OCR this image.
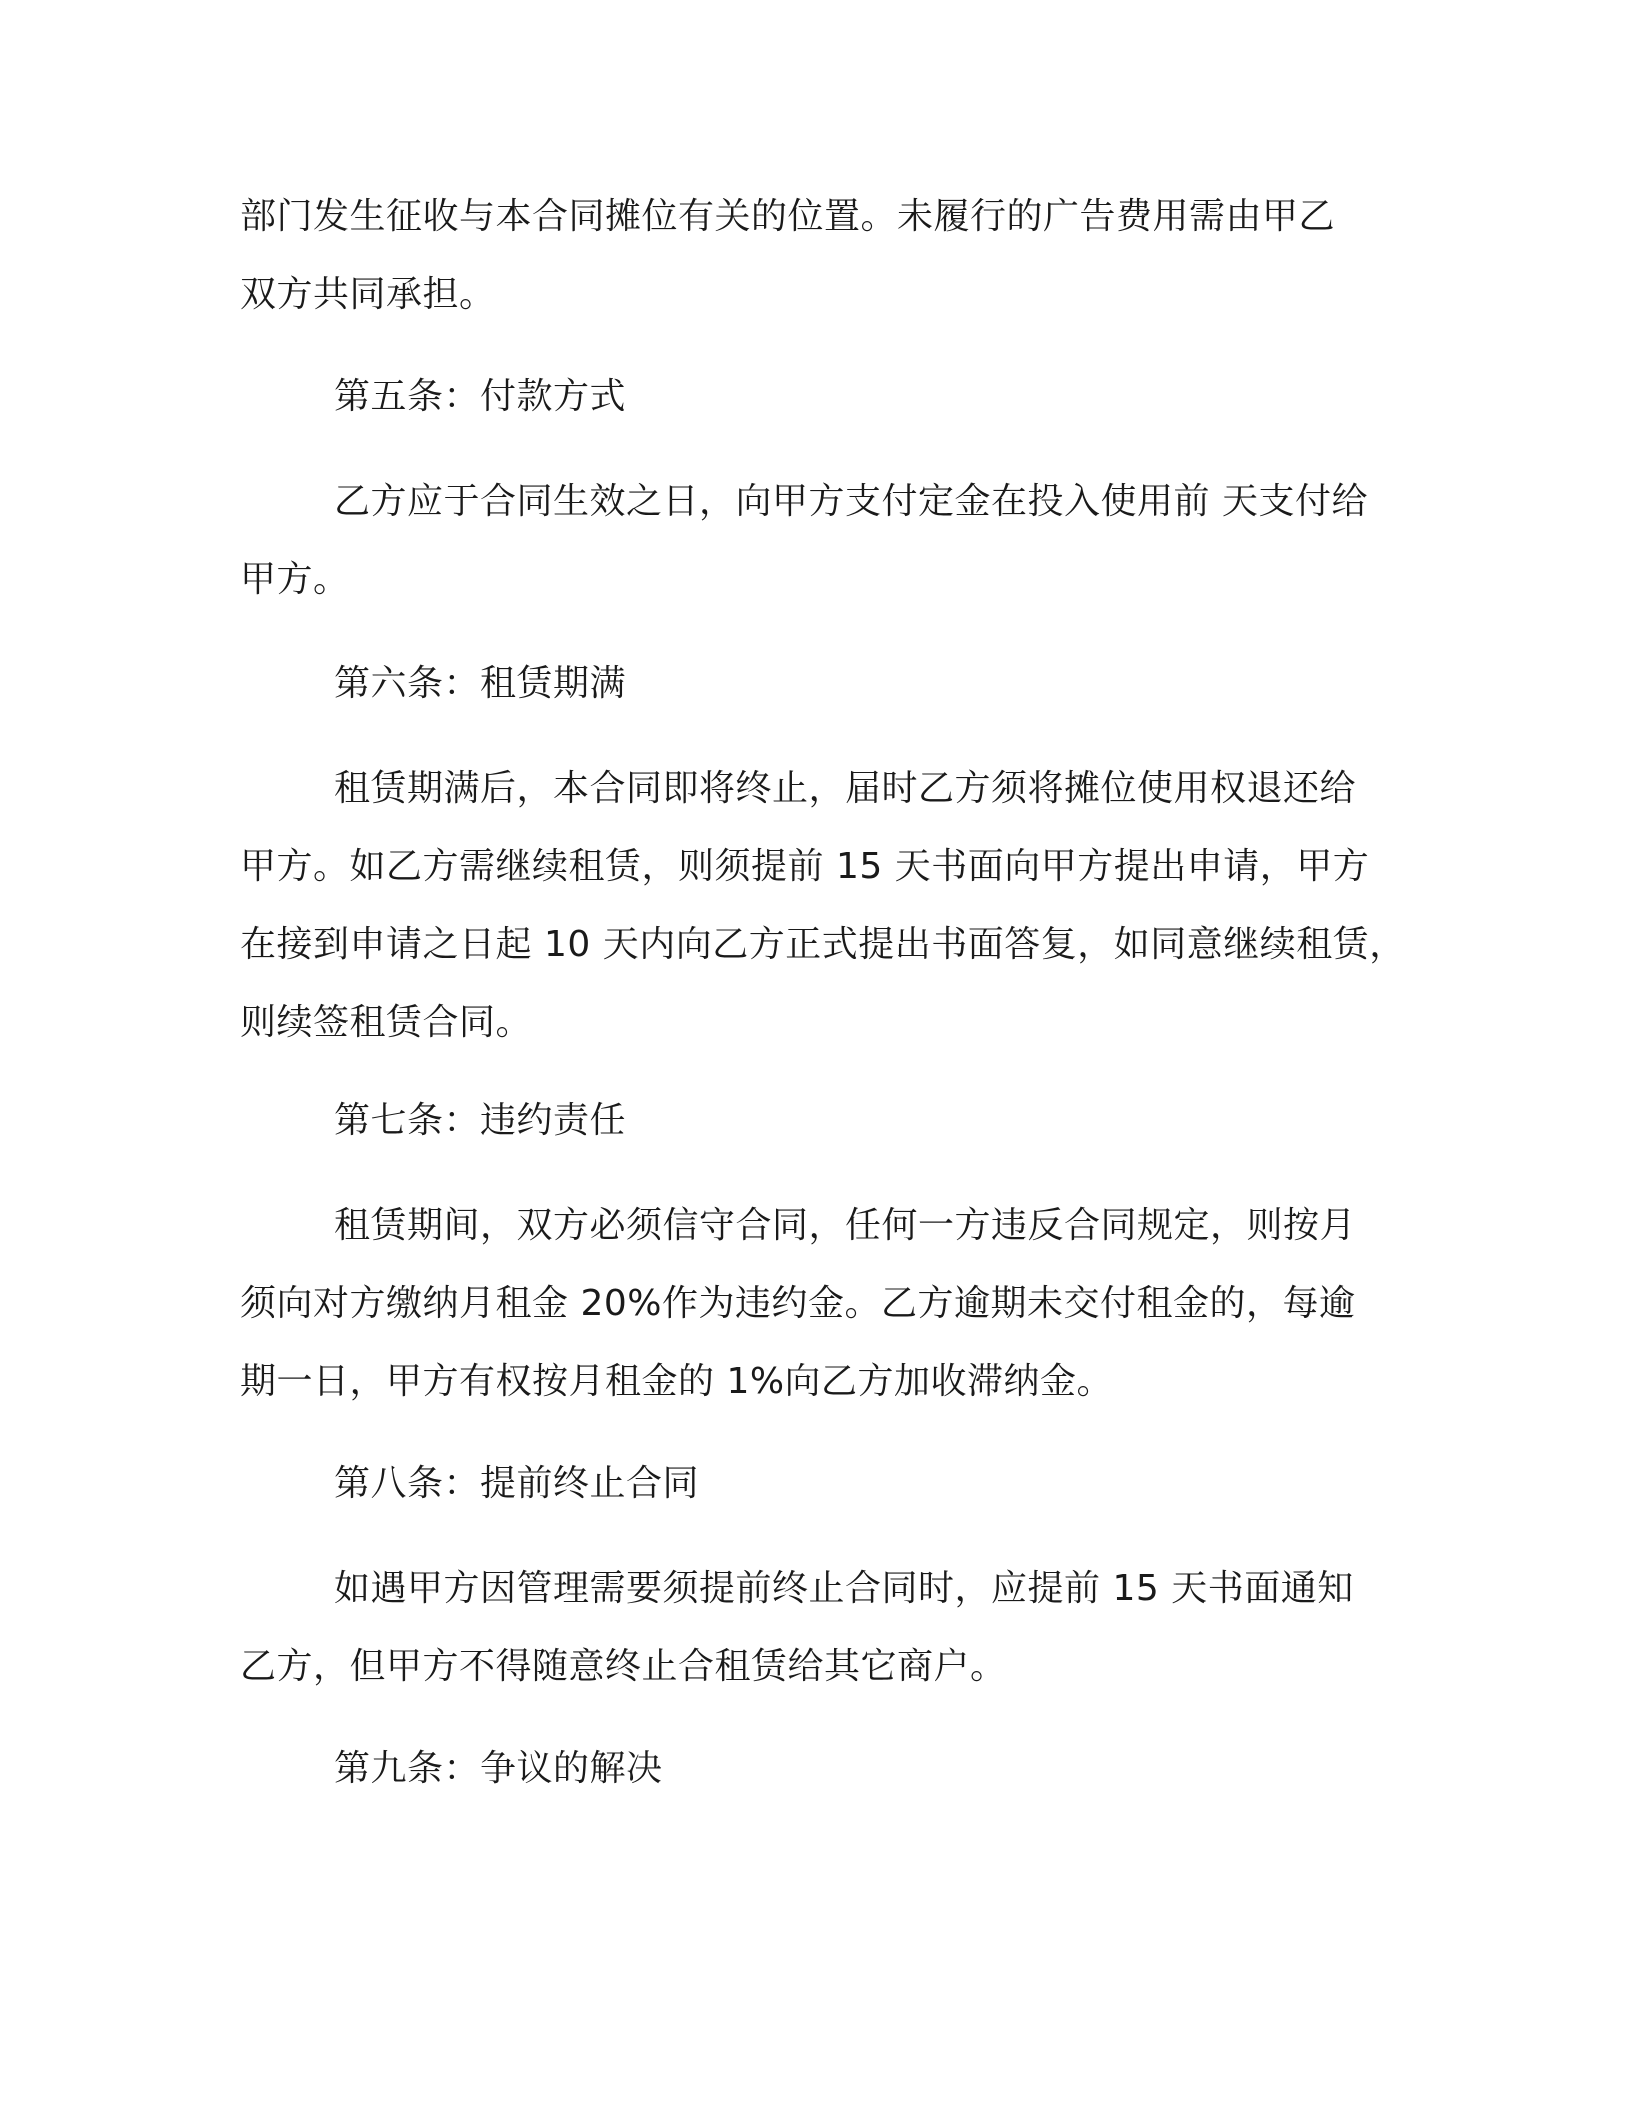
部门发生征收与本合同摊位有关的位置。未履行的广告费用需由甲乙
双方共同承担。

第五条：付款方式

乙方应于合同生效之日，向甲方支付定金在投入使用前 天支付给
甲方。

第六条：租赁期满

租赁期满后，本合同即将终止，届时乙方须将摊位使用权退还给
甲方。如乙方需继续租赁，则须提前 15 天书面向甲方提出申请，甲方
在接到申请之日起 10 天内向乙方正式提出书面答复，如同意继续租赁，
则续签租赁合同。

第七条：违约责任

租赁期间，双方必须信守合同，任何一方违反合同规定，则按月
须向对方缴纳月租金 20%作为违约金。乙方逾期未交付租金的，每逾
期一日，甲方有权按月租金的 1%向乙方加收滞纳金。

第八条：提前终止合同

如遇甲方因管理需要须提前终止合同时，应提前 15 天书面通知
乙方，但甲方不得随意终止合租赁给其它商户。

第九条：争议的解决
